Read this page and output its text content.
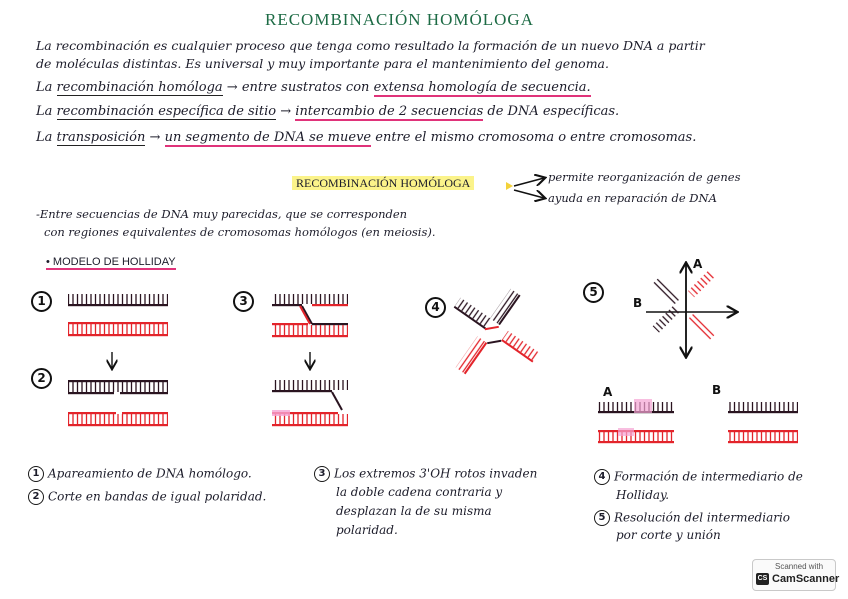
RECOMBINACIÓN HOMÓLOGA
La recombinación es cualquier proceso que tenga como resultado la formación de un nuevo DNA a partir
de moléculas distintas. Es universal y muy importante para el mantenimiento del genoma.
La recombinación homóloga → entre sustratos con extensa homología de secuencia.
La recombinación específica de sitio → intercambio de 2 secuencias de DNA específicas.
La transposición → un segmento de DNA se mueve entre el mismo cromosoma o entre cromosomas.
RECOMBINACIÓN HOMÓLOGA	permite reorganización de genes
ayuda en reparación de DNA
-Entre secuencias de DNA muy parecidas, que se corresponden
con regiones equivalentes de cromosomas homólogos (en meiosis).
• MODELO DE HOLLIDAY
1
2
3	4
5
A
B
A	B
1 Apareamiento de DNA homólogo.
2 Corte en bandas de igual polaridad.
3 Los extremos 3'OH rotos invaden
la doble cadena contraria y
desplazan la de su misma
polaridad.
4 Formación de intermediario de
Holliday.
5 Resolución del intermediario
por corte y unión
Scanned with
CS CamScanner
